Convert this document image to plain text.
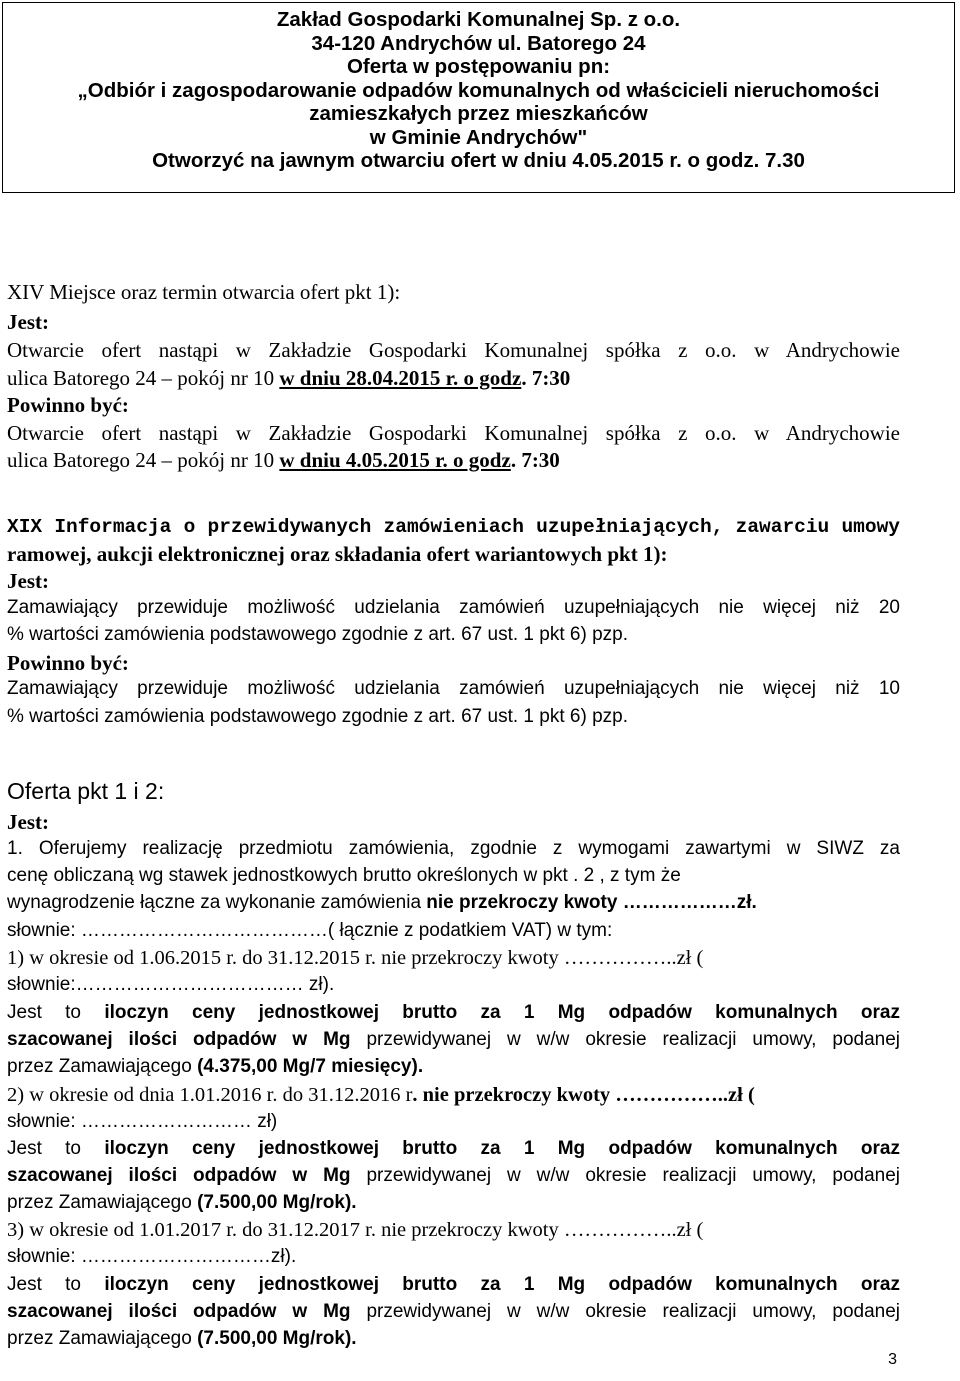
Zakład Gospodarki Komunalnej Sp. z o.o.
34-120 Andrychów ul. Batorego 24
Oferta w postępowaniu pn:
„Odbiór i zagospodarowanie odpadów komunalnych od właścicieli nieruchomości
zamieszkałych przez mieszkańców
w Gminie Andrychów"
Otworzyć na jawnym otwarciu ofert w dniu 4.05.2015 r. o godz. 7.30
XIV Miejsce oraz termin otwarcia ofert pkt 1):
Jest:
Otwarcie ofert nastąpi w Zakładzie Gospodarki Komunalnej spółka z o.o. w Andrychowie
ulica Batorego 24 – pokój nr 10 w dniu 28.04.2015 r. o godz. 7:30
Powinno być:
Otwarcie ofert nastąpi w Zakładzie Gospodarki Komunalnej spółka z o.o. w Andrychowie
ulica Batorego 24 – pokój nr 10 w dniu 4.05.2015 r. o godz. 7:30
XIX Informacja o przewidywanych zamówieniach uzupełniających, zawarciu umowy
ramowej, aukcji elektronicznej oraz składania ofert wariantowych pkt 1):
Jest:
Zamawiający przewiduje możliwość udzielania zamówień uzupełniających nie więcej niż 20
% wartości zamówienia podstawowego zgodnie z art. 67 ust. 1 pkt 6) pzp.
Powinno być:
Zamawiający przewiduje możliwość udzielania zamówień uzupełniających nie więcej niż 10
% wartości zamówienia podstawowego zgodnie z art. 67 ust. 1 pkt 6) pzp.
Oferta pkt 1 i 2:
Jest:
1. Oferujemy realizację przedmiotu zamówienia, zgodnie z wymogami zawartymi w SIWZ za
cenę obliczaną wg stawek jednostkowych brutto określonych w pkt . 2 , z tym że
wynagrodzenie łączne za wykonanie zamówienia nie przekroczy kwoty ………………zł.
słownie: …………………………………( łącznie z podatkiem VAT) w tym:
1) w okresie od 1.06.2015 r. do 31.12.2015 r. nie przekroczy kwoty ……………..zł (
słownie:……………………………… zł).
Jest to iloczyn ceny jednostkowej brutto za 1 Mg odpadów komunalnych oraz
szacowanej ilości odpadów w Mg przewidywanej w w/w okresie realizacji umowy, podanej
przez Zamawiającego (4.375,00 Mg/7 miesięcy).
2) w okresie od dnia 1.01.2016 r. do 31.12.2016 r. nie przekroczy kwoty ……………..zł (
słownie: ……………………… zł)
Jest to iloczyn ceny jednostkowej brutto za 1 Mg odpadów komunalnych oraz
szacowanej ilości odpadów w Mg przewidywanej w w/w okresie realizacji umowy, podanej
przez Zamawiającego (7.500,00 Mg/rok).
3) w okresie od 1.01.2017 r. do 31.12.2017 r. nie przekroczy kwoty ……………..zł (
słownie: …………………………zł).
Jest to iloczyn ceny jednostkowej brutto za 1 Mg odpadów komunalnych oraz
szacowanej ilości odpadów w Mg przewidywanej w w/w okresie realizacji umowy, podanej
przez Zamawiającego (7.500,00 Mg/rok).
3
